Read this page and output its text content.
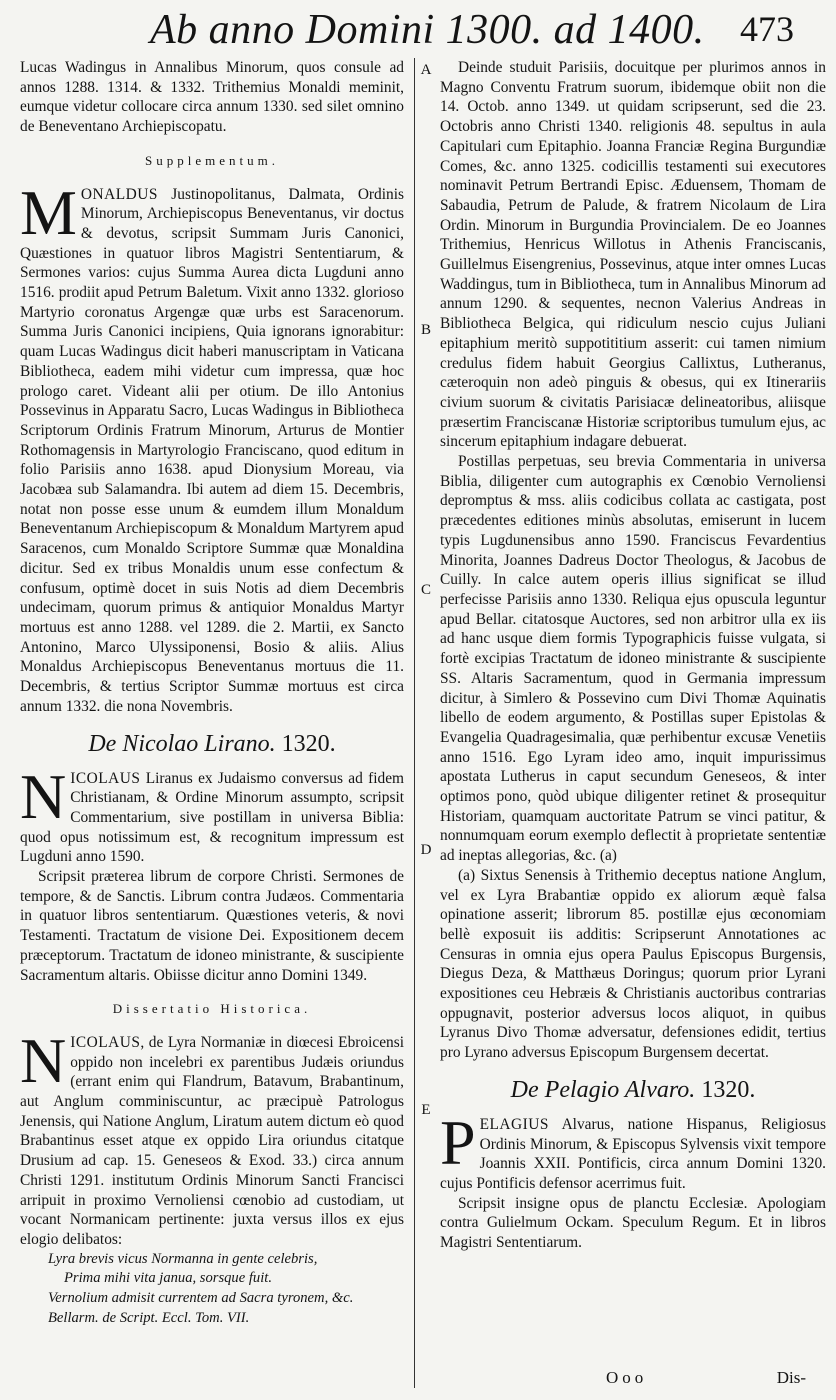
Ab anno Domini 1300. ad 1400. 473

Lucas Wadingus in Annalibus Minorum, quos consule ad annos 1288. 1314. & 1332. Trithemius Monaldi meminit, eumque videtur collocare circa annum 1330. sed silet omnino de Beneventano Archiepiscopatu.

Supplementum.

MONALDUS Justinopolitanus, Dalmata, Ordinis Minorum, Archiepiscopus Beneventanus, vir doctus & devotus, scripsit Summam Juris Canonici, Quæstiones in quatuor libros Magistri Sententiarum, & Sermones varios: cujus Summa Aurea dicta Lugduni anno 1516. prodiit apud Petrum Baletum. Vixit anno 1332. glorioso Martyrio coronatus Argengæ quæ urbs est Saracenorum. Summa Juris Canonici incipiens, Quia ignorans ignorabitur: quam Lucas Wadingus dicit haberi manuscriptam in Vaticana Bibliotheca, eadem mihi videtur cum impressa, quæ hoc prologo caret. Videant alii per otium. De illo Antonius Possevinus in Apparatu Sacro, Lucas Wadingus in Bibliotheca Scriptorum Ordinis Fratrum Minorum, Arturus de Montier Rothomagensis in Martyrologio Franciscano, quod editum in folio Parisiis anno 1638. apud Dionysium Moreau, via Jacobæa sub Salamandra. Ibi autem ad diem 15. Decembris, notat non posse esse unum & eumdem illum Monaldum Beneventanum Archiepiscopum & Monaldum Martyrem apud Saracenos, cum Monaldo Scriptore Summæ quæ Monaldina dicitur. Sed ex tribus Monaldis unum esse confectum & confusum, optimè docet in suis Notis ad diem Decembris undecimam, quorum primus & antiquior Monaldus Martyr mortuus est anno 1288. vel 1289. die 2. Martii, ex Sancto Antonino, Marco Ulyssiponensi, Bosio & aliis. Alius Monaldus Archiepiscopus Beneventanus mortuus die 11. Decembris, & tertius Scriptor Summæ mortuus est circa annum 1332. die nona Novembris.

De Nicolao Lirano. 1320.

NICOLAUS Liranus ex Judaismo conversus ad fidem Christianam, & Ordine Minorum assumpto, scripsit Commentarium, sive postillam in universa Biblia: quod opus notissimum est, & recognitum impressum est Lugduni anno 1590.

Scripsit præterea librum de corpore Christi. Sermones de tempore, & de Sanctis. Librum contra Judæos. Commentaria in quatuor libros sententiarum. Quæstiones veteris, & novi Testamenti. Tractatum de visione Dei. Expositionem decem præceptorum. Tractatum de idoneo ministrante, & suscipiente Sacramentum altaris. Obiisse dicitur anno Domini 1349.

Dissertatio Historica.

NICOLAUS, de Lyra Normaniæ in diœcesi Ebroicensi oppido non incelebri ex parentibus Judæis oriundus (errant enim qui Flandrum, Batavum, Brabantinum, aut Anglum comminiscuntur, ac præcipuè Patrologus Jenensis, qui Natione Anglum, Liratum autem dictum eò quod Brabantinus esset atque ex oppido Lira oriundus citatque Drusium ad cap. 15. Geneseos & Exod. 33.) circa annum Christi 1291. institutum Ordinis Minorum Sancti Francisci arripuit in proximo Vernoliensi cœnobio ad custodiam, ut vocant Normanicam pertinente: juxta versus illos ex ejus elogio delibatos:

Lyra brevis vicus Normanna in gente celebris,

Prima mihi vita janua, sorsque fuit.

Vernolium admisit currentem ad Sacra tyronem, &c.

Bellarm. de Script. Eccl. Tom. VII.

A
B
C
D
E

Deinde studuit Parisiis, docuitque per plurimos annos in Magno Conventu Fratrum suorum, ibidemque obiit non die 14. Octob. anno 1349. ut quidam scripserunt, sed die 23. Octobris anno Christi 1340. religionis 48. sepultus in aula Capitulari cum Epitaphio. Joanna Franciæ Regina Burgundiæ Comes, &c. anno 1325. codicillis testamenti sui executores nominavit Petrum Bertrandi Episc. Æduensem, Thomam de Sabaudia, Petrum de Palude, & fratrem Nicolaum de Lira Ordin. Minorum in Burgundia Provincialem. De eo Joannes Trithemius, Henricus Willotus in Athenis Franciscanis, Guillelmus Eisengrenius, Possevinus, atque inter omnes Lucas Waddingus, tum in Bibliotheca, tum in Annalibus Minorum ad annum 1290. & sequentes, necnon Valerius Andreas in Bibliotheca Belgica, qui ridiculum nescio cujus Juliani epitaphium meritò suppotititium asserit: cui tamen nimium credulus fidem habuit Georgius Callixtus, Lutheranus, cæteroquin non adeò pinguis & obesus, qui ex Itinerariis civium suorum & civitatis Parisiacæ delineatoribus, aliisque præsertim Franciscanæ Historiæ scriptoribus tumulum ejus, ac sincerum epitaphium indagare debuerat.

Postillas perpetuas, seu brevia Commentaria in universa Biblia, diligenter cum autographis ex Cœnobio Vernoliensi depromptus & mss. aliis codicibus collata ac castigata, post præcedentes editiones minùs absolutas, emiserunt in lucem typis Lugdunensibus anno 1590. Franciscus Fevardentius Minorita, Joannes Dadreus Doctor Theologus, & Jacobus de Cuilly. In calce autem operis illius significat se illud perfecisse Parisiis anno 1330. Reliqua ejus opuscula leguntur apud Bellar. citatosque Auctores, sed non arbitror ulla ex iis ad hanc usque diem formis Typographicis fuisse vulgata, si fortè excipias Tractatum de idoneo ministrante & suscipiente SS. Altaris Sacramentum, quod in Germania impressum dicitur, à Simlero & Possevino cum Divi Thomæ Aquinatis libello de eodem argumento, & Postillas super Epistolas & Evangelia Quadragesimalia, quæ perhibentur excusæ Venetiis anno 1516. Ego Lyram ideo amo, inquit impurissimus apostata Lutherus in caput secundum Geneseos, & inter optimos pono, quòd ubique diligenter retinet & prosequitur Historiam, quamquam auctoritate Patrum se vinci patitur, & nonnumquam eorum exemplo deflectit à proprietate sententiæ ad ineptas allegorias, &c. (a)

(a) Sixtus Senensis à Trithemio deceptus natione Anglum, vel ex Lyra Brabantiæ oppido ex aliorum æquè falsa opinatione asserit; librorum 85. postillæ ejus œconomiam bellè exposuit iis additis: Scripserunt Annotationes ac Censuras in omnia ejus opera Paulus Episcopus Burgensis, Diegus Deza, & Matthæus Doringus; quorum prior Lyrani expositiones ceu Hebræis & Christianis auctoribus contrarias oppugnavit, posterior adversus locos aliquot, in quibus Lyranus Divo Thomæ adversatur, defensiones edidit, tertius pro Lyrano adversus Episcopum Burgensem decertat.

De Pelagio Alvaro. 1320.

PELAGIUS Alvarus, natione Hispanus, Religiosus Ordinis Minorum, & Episcopus Sylvensis vixit tempore Joannis XXII. Pontificis, circa annum Domini 1320. cujus Pontificis defensor acerrimus fuit.

Scripsit insigne opus de planctu Ecclesiæ. Apologiam contra Gulielmum Ockam. Speculum Regum. Et in libros Magistri Sententiarum.

Ooo	Dis-
